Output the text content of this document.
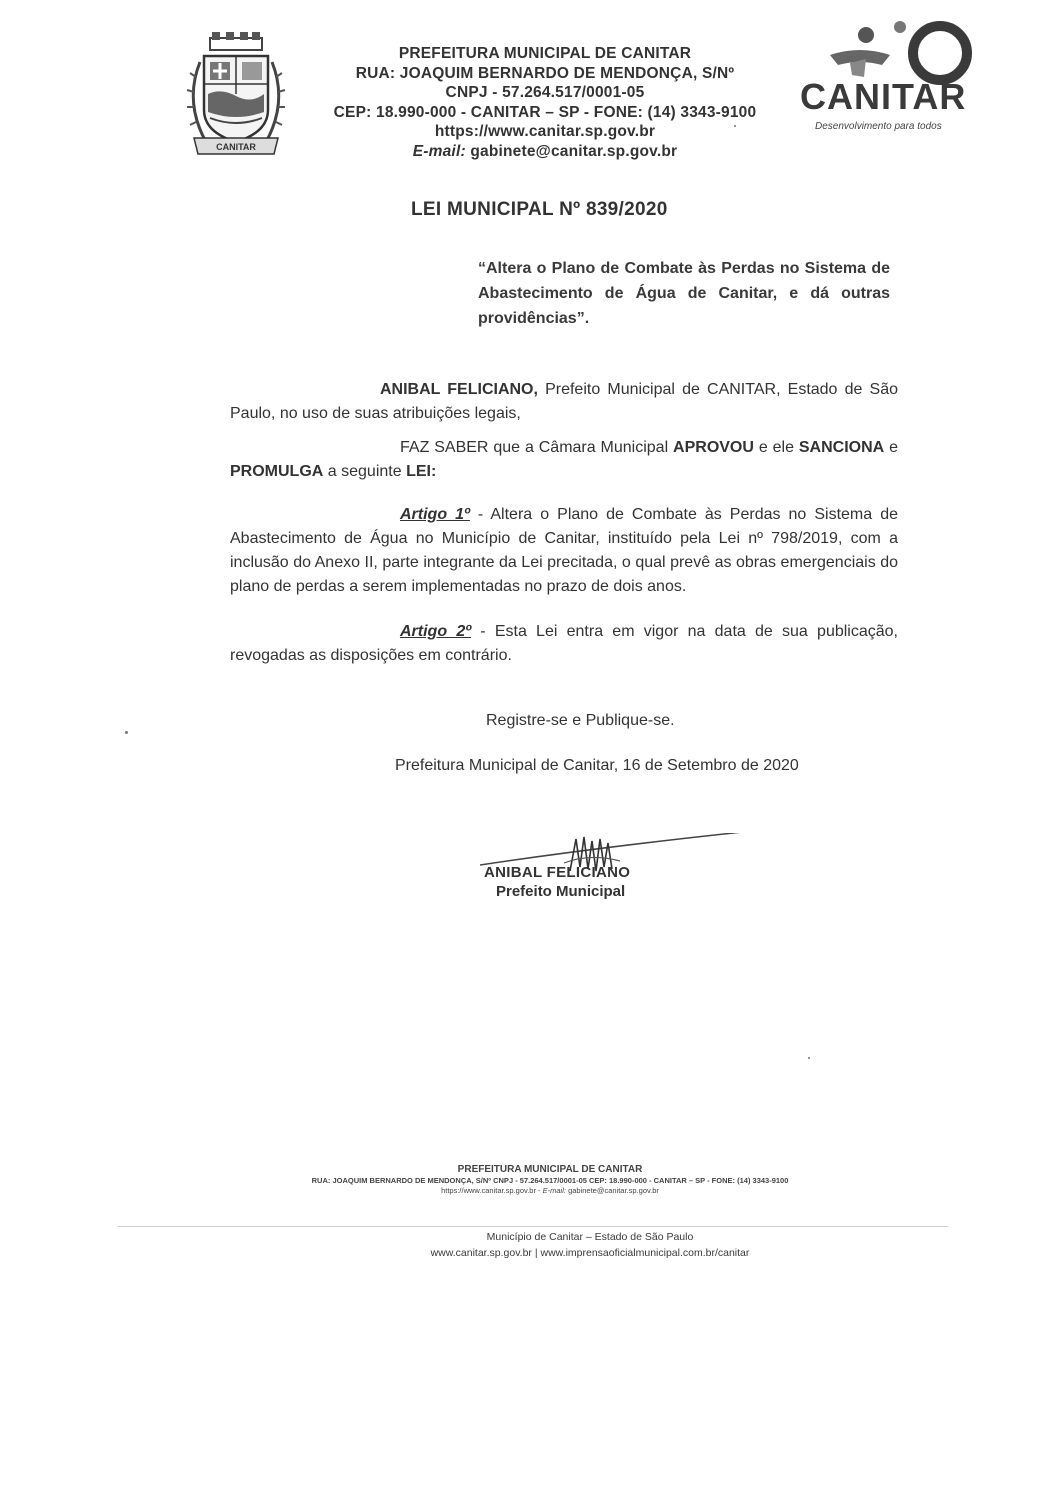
CANITAR
PREFEITURA MUNICIPAL DE CANITAR
RUA: JOAQUIM BERNARDO DE MENDONÇA, S/Nº
CNPJ - 57.264.517/0001-05
CEP: 18.990-000 - CANITAR – SP - FONE: (14) 3343-9100
https://www.canitar.sp.gov.br
E-mail: gabinete@canitar.sp.gov.br
CANITAR
Desenvolvimento para todos
LEI MUNICIPAL Nº 839/2020
“Altera o Plano de Combate às Perdas no Sistema de Abastecimento de Água de Canitar, e dá outras providências”.
ANIBAL FELICIANO, Prefeito Municipal de CANITAR, Estado de São Paulo, no uso de suas atribuições legais,
FAZ SABER que a Câmara Municipal APROVOU e ele SANCIONA e PROMULGA a seguinte LEI:
Artigo 1º - Altera o Plano de Combate às Perdas no Sistema de Abastecimento de Água no Município de Canitar, instituído pela Lei nº 798/2019, com a inclusão do Anexo II, parte integrante da Lei precitada, o qual prevê as obras emergenciais do plano de perdas a serem implementadas no prazo de dois anos.
Artigo 2º - Esta Lei entra em vigor na data de sua publicação, revogadas as disposições em contrário.
Registre-se e Publique-se.
Prefeitura Municipal de Canitar, 16 de Setembro de 2020
ANIBAL FELICIANO
Prefeito Municipal
PREFEITURA MUNICIPAL DE CANITAR
RUA: JOAQUIM BERNARDO DE MENDONÇA, S/Nº CNPJ - 57.264.517/0001-05 CEP: 18.990-000 - CANITAR – SP - FONE: (14) 3343-9100
https://www.canitar.sp.gov.br - E-mail: gabinete@canitar.sp.gov.br
Município de Canitar – Estado de São Paulo
www.canitar.sp.gov.br | www.imprensaoficialmunicipal.com.br/canitar
